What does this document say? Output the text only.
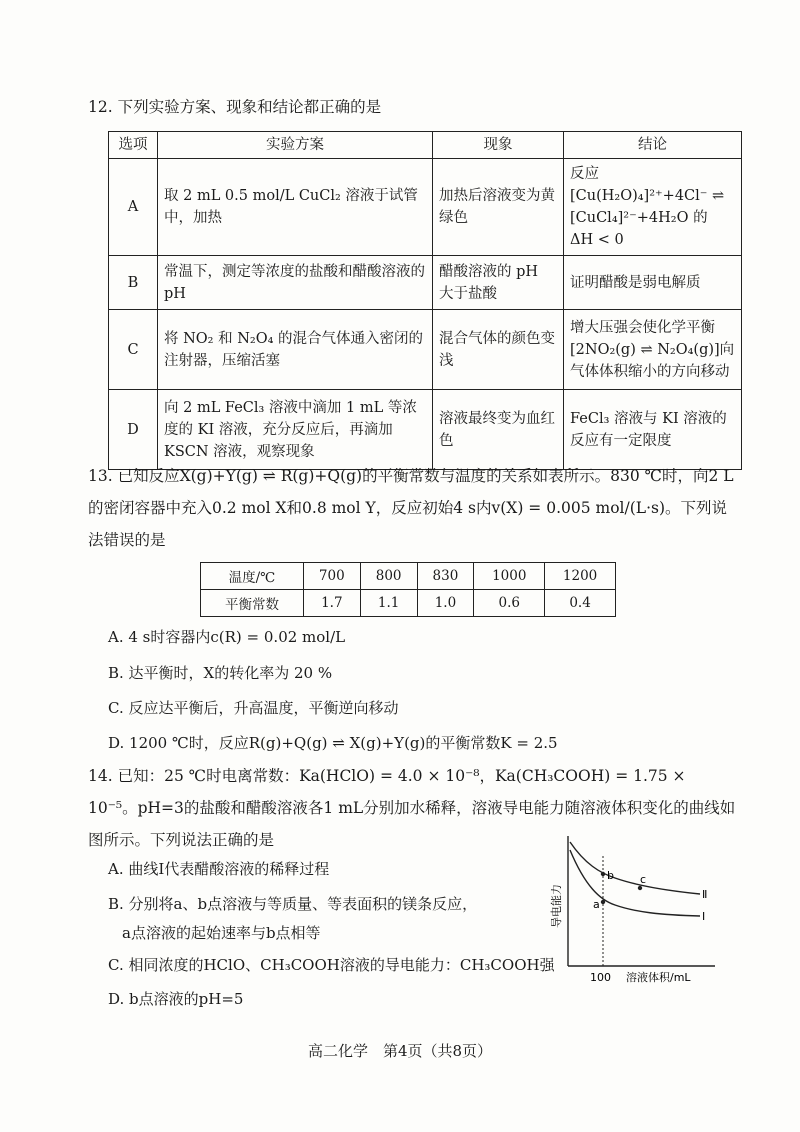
12. 下列实验方案、现象和结论都正确的是
选项	实验方案	现象	结论
A	取 2 mL 0.5 mol/L CuCl₂ 溶液于试管中，加热	加热后溶液变为黄绿色	反应[Cu(H₂O)₄]²⁺+4Cl⁻ ⇌ [CuCl₄]²⁻+4H₂O 的 ΔH < 0
B	常温下，测定等浓度的盐酸和醋酸溶液的pH	醋酸溶液的 pH 大于盐酸	证明醋酸是弱电解质
C	将 NO₂ 和 N₂O₄ 的混合气体通入密闭的注射器，压缩活塞	混合气体的颜色变浅	增大压强会使化学平衡[2NO₂(g) ⇌ N₂O₄(g)]向气体体积缩小的方向移动
D	向 2 mL FeCl₃ 溶液中滴加 1 mL 等浓度的 KI 溶液，充分反应后，再滴加 KSCN 溶液，观察现象	溶液最终变为血红色	FeCl₃ 溶液与 KI 溶液的反应有一定限度
13. 已知反应X(g)+Y(g) ⇌ R(g)+Q(g)的平衡常数与温度的关系如表所示。830 ℃时，向2 L的密闭容器中充入0.2 mol X和0.8 mol Y，反应初始4 s内v(X) = 0.005 mol/(L·s)。下列说法错误的是
温度/℃	700	800	830	1000	1200
平衡常数	1.7	1.1	1.0	0.6	0.4
A. 4 s时容器内c(R) = 0.02 mol/L
B. 达平衡时，X的转化率为 20 %
C. 反应达平衡后，升高温度，平衡逆向移动
D. 1200 ℃时，反应R(g)+Q(g) ⇌ X(g)+Y(g)的平衡常数K = 2.5
14. 已知：25 ℃时电离常数：Ka(HClO) = 4.0 × 10⁻⁸，Ka(CH₃COOH) = 1.75 × 10⁻⁵。pH=3的盐酸和醋酸溶液各1 mL分别加水稀释，溶液导电能力随溶液体积变化的曲线如图所示。下列说法正确的是
A. 曲线Ⅰ代表醋酸溶液的稀释过程
B. 分别将a、b点溶液与等质量、等表面积的镁条反应，
a点溶液的起始速率与b点相等
C. 相同浓度的HClO、CH₃COOH溶液的导电能力：CH₃COOH强
D. b点溶液的pH=5
b
a
c
Ⅱ
Ⅰ
100 溶液体积/mL
导电能力
高二化学　第4页（共8页）
